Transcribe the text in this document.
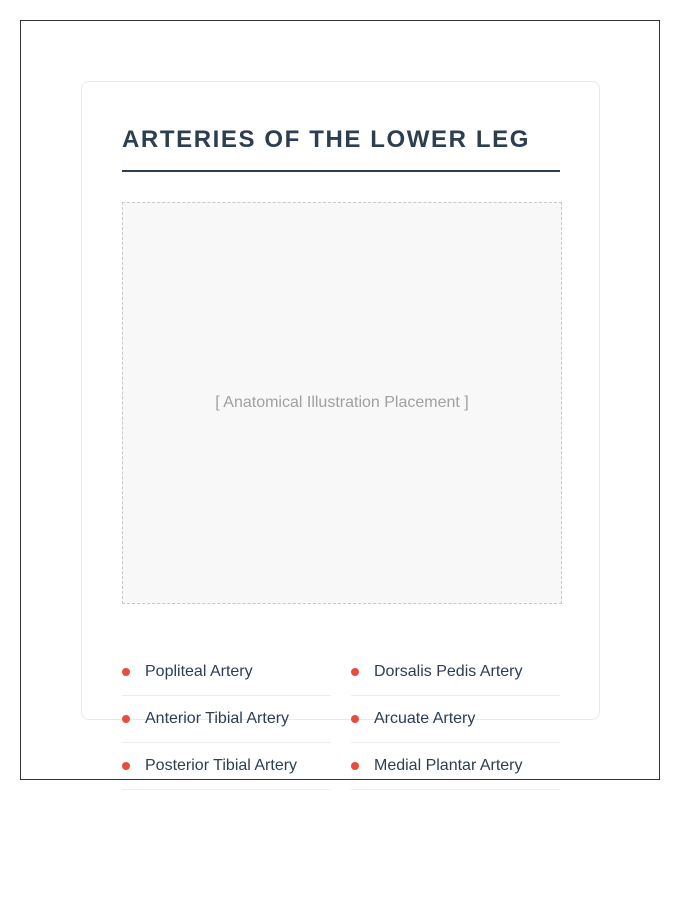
ARTERIES OF THE LOWER LEG
[ Anatomical Illustration Placement ]
Popliteal Artery
Anterior Tibial Artery
Posterior Tibial Artery
Dorsalis Pedis Artery
Arcuate Artery
Medial Plantar Artery
